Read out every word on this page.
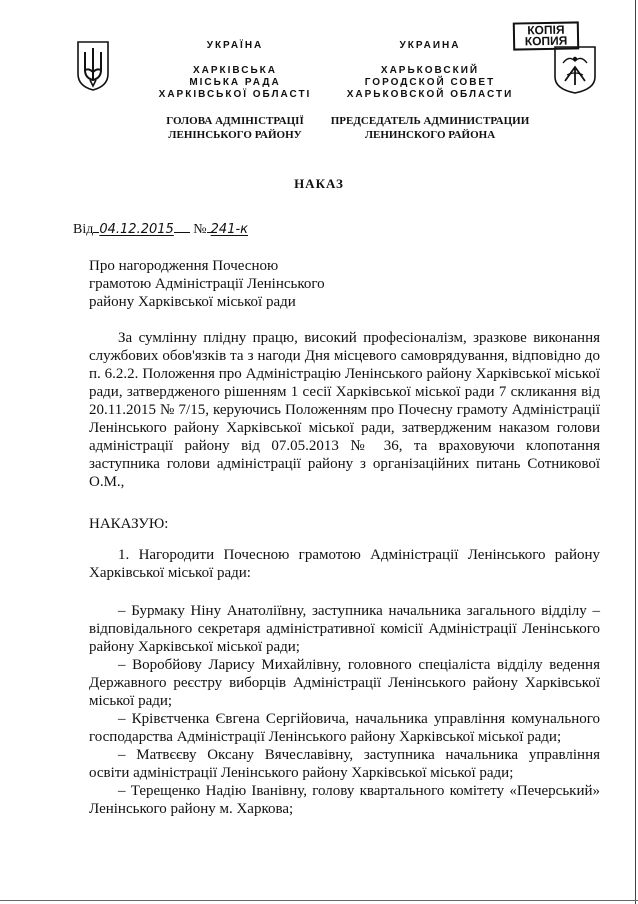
УКРАЇНА
ХАРКІВСЬКА
МІСЬКА РАДА
ХАРКІВСЬКОЇ ОБЛАСТІ
ГОЛОВА АДМІНІСТРАЦІЇ
ЛЕНІНСЬКОГО РАЙОНУ
УКРАИНА
ХАРЬКОВСКИЙ
ГОРОДСКОЙ СОВЕТ
ХАРЬКОВСКОЙ ОБЛАСТИ
ПРЕДСЕДАТЕЛЬ АДМИНИСТРАЦИИ
ЛЕНИНСКОГО РАЙОНА
КОПІЯ
КОПИЯ
НАКАЗ
Від 04.12.2015 № 241-к
Про нагородження Почесною
грамотою Адміністрації Ленінського
району Харківської міської ради

За сумлінну плідну працю, високий професіоналізм, зразкове виконання службових обов'язків та з нагоди Дня місцевого самоврядування, відповідно до п. 6.2.2. Положення про Адміністрацію Ленінського району Харківської міської ради, затвердженого рішенням 1 сесії Харківської міської ради 7 скликання від 20.11.2015 № 7/15, керуючись Положенням про Почесну грамоту Адміністрації Ленінського району Харківської міської ради, затвердженим наказом голови адміністрації району від 07.05.2013 № 36, та враховуючи клопотання заступника голови адміністрації району з організаційних питань Сотникової О.М.,

НАКАЗУЮ:

1. Нагородити Почесною грамотою Адміністрації Ленінського району Харківської міської ради:

– Бурмаку Ніну Анатоліївну, заступника начальника загального відділу – відповідального секретаря адміністративної комісії Адміністрації Ленінського району Харківської міської ради;

– Воробйову Ларису Михайлівну, головного спеціаліста відділу ведення Державного реєстру виборців Адміністрації Ленінського району Харківської міської ради;

– Крівєтченка Євгена Сергійовича, начальника управління комунального господарства Адміністрації Ленінського району Харківської міської ради;

– Матвєєву Оксану Вячеславівну, заступника начальника управління освіти адміністрації Ленінського району Харківської міської ради;

– Терещенко Надію Іванівну, голову квартального комітету «Печерський» Ленінського району м. Харкова;
